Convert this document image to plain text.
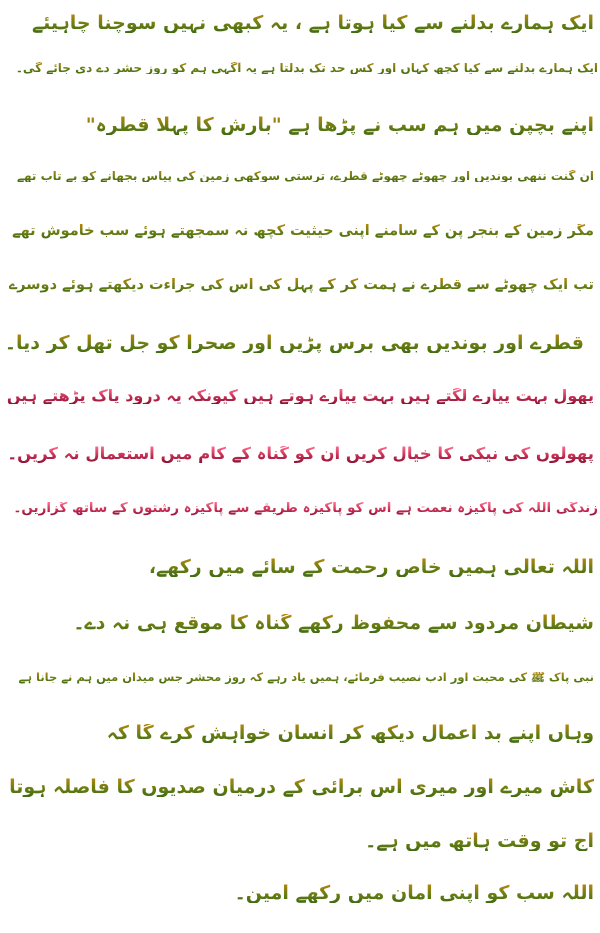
ایک ہمارے بدلنے سے کیا ہوتا ہے ، یہ کبھی نہیں سوچنا چاہیئے
ایک ہمارے بدلنے سے کیا کچھ کہاں اور کس حد تک بدلتا ہے یہ آگہی ہم کو روز حشر دے دی جائے گی۔
اپنے بچپن میں ہم سب نے پڑھا ہے "بارش کا پہلا قطرہ"
ان گنت ننھی بوندیں اور چھوٹے چھوٹے قطرے، ترستی سوکھی زمین کی پیاس بجھانے کو بے تاب تھے
مگر زمین کے بنجر پن کے سامنے اپنی حیثیت کچھ نہ سمجھتے ہوئے سب خاموش تھے
تب ایک چھوٹے سے قطرے نے ہمت کر کے پہل کی اس کی جراءت دیکھتے ہوئے دوسرے
قطرے اور بوندیں بھی برس پڑیں اور صحرا کو جل تھل کر دیا۔
پھول بہت پیارے لگتے ہیں بہت پیارے ہوتے ہیں کیونکہ یہ درود پاک پڑھتے ہیں
پھولوں کی نیکی کا خیال کریں ان کو گناہ کے کام میں استعمال نہ کریں۔
زندگی اللہ کی پاکیزہ نعمت ہے اس کو پاکیزہ طریقے سے پاکیزہ رشتوں کے ساتھ گزاریں۔
اللہ تعالی ہمیں خاص رحمت کے سائے میں رکھے،
شیطان مردود سے محفوظ رکھے گناہ کا موقع ہی نہ دے۔
نبی پاک ﷺ کی محبت اور ادب نصیب فرمائے، ہمیں یاد رہے کہ روز محشر جس میدان میں ہم نے جانا ہے
وہاں اپنے بد اعمال دیکھ کر انسان خواہش کرے گا کہ
کاش میرے اور میری اس برائی کے درمیان صدیوں کا فاصلہ ہوتا
آج تو وقت ہاتھ میں ہے۔
اللہ سب کو اپنی امان میں رکھے آمین۔
